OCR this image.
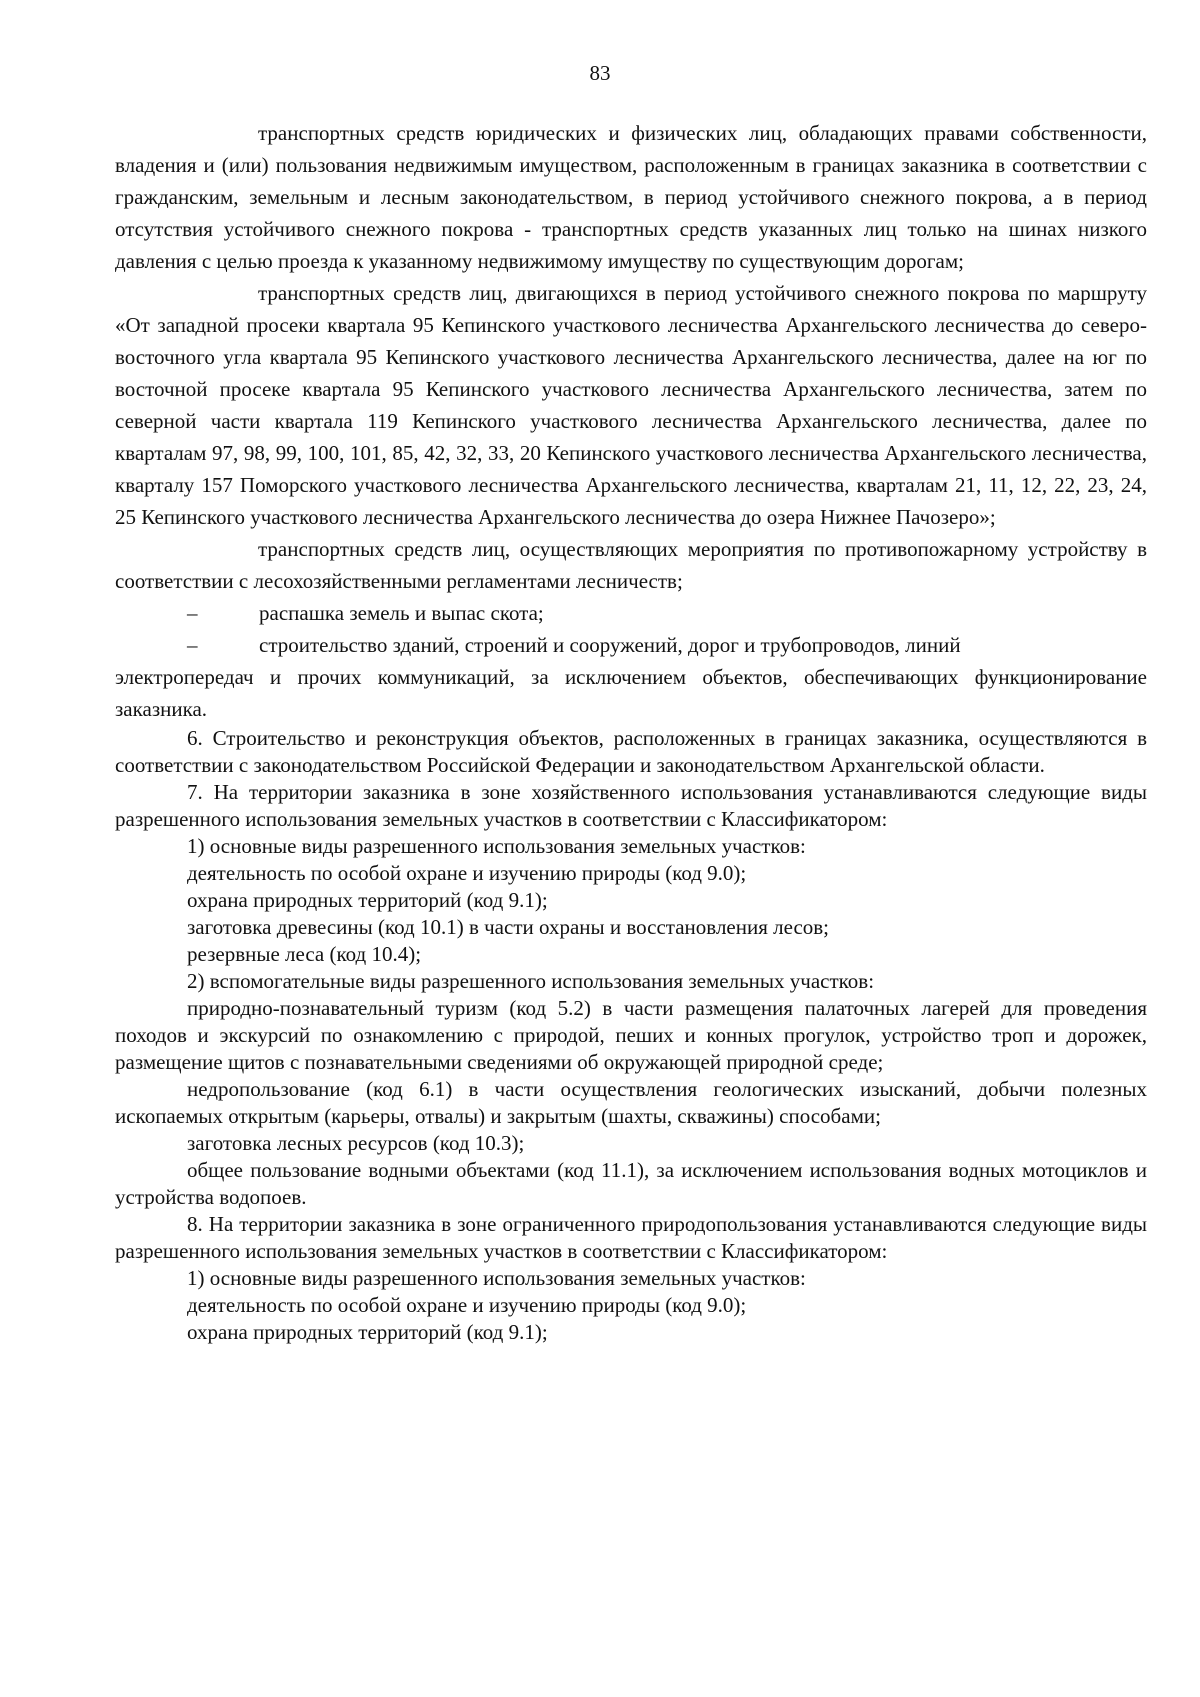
83

транспортных средств юридических и физических лиц, обладающих правами собственности, владения и (или) пользования недвижимым имуществом, расположенным в границах заказника в соответствии с гражданским, земельным и лесным законодательством, в период устойчивого снежного покрова, а в период отсутствия устойчивого снежного покрова - транспортных средств указанных лиц только на шинах низкого давления с целью проезда к указанному недвижимому имуществу по существующим дорогам;

транспортных средств лиц, двигающихся в период устойчивого снежного покрова по маршруту «От западной просеки квартала 95 Кепинского участкового лесничества Архангельского лесничества до северо-восточного угла квартала 95 Кепинского участкового лесничества Архангельского лесничества, далее на юг по восточной просеке квартала 95 Кепинского участкового лесничества Архангельского лесничества, затем по северной части квартала 119 Кепинского участкового лесничества Архангельского лесничества, далее по кварталам 97, 98, 99, 100, 101, 85, 42, 32, 33, 20 Кепинского участкового лесничества Архангельского лесничества, кварталу 157 Поморского участкового лесничества Архангельского лесничества, кварталам 21, 11, 12, 22, 23, 24, 25 Кепинского участкового лесничества Архангельского лесничества до озера Нижнее Пачозеро»;

транспортных средств лиц, осуществляющих мероприятия по противопожарному устройству в соответствии с лесохозяйственными регламентами лесничеств;

–	распашка земель и выпас скота;
–	строительство зданий, строений и сооружений, дорог и трубопроводов, линий

электропередач и прочих коммуникаций, за исключением объектов, обеспечивающих функционирование заказника.

6. Строительство и реконструкция объектов, расположенных в границах заказника, осуществляются в соответствии с законодательством Российской Федерации и законодательством Архангельской области.

7. На территории заказника в зоне хозяйственного использования устанавливаются следующие виды разрешенного использования земельных участков в соответствии с Классификатором:

1) основные виды разрешенного использования земельных участков:

деятельность по особой охране и изучению природы (код 9.0);

охрана природных территорий (код 9.1);

заготовка древесины (код 10.1) в части охраны и восстановления лесов;

резервные леса (код 10.4);

2) вспомогательные виды разрешенного использования земельных участков:

природно-познавательный туризм (код 5.2) в части размещения палаточных лагерей для проведения походов и экскурсий по ознакомлению с природой, пеших и конных прогулок, устройство троп и дорожек, размещение щитов с познавательными сведениями об окружающей природной среде;

недропользование (код 6.1) в части осуществления геологических изысканий, добычи полезных ископаемых открытым (карьеры, отвалы) и закрытым (шахты, скважины) способами;

заготовка лесных ресурсов (код 10.3);

общее пользование водными объектами (код 11.1), за исключением использования водных мотоциклов и устройства водопоев.

8. На территории заказника в зоне ограниченного природопользования устанавливаются следующие виды разрешенного использования земельных участков в соответствии с Классификатором:

1) основные виды разрешенного использования земельных участков:

деятельность по особой охране и изучению природы (код 9.0);

охрана природных территорий (код 9.1);
